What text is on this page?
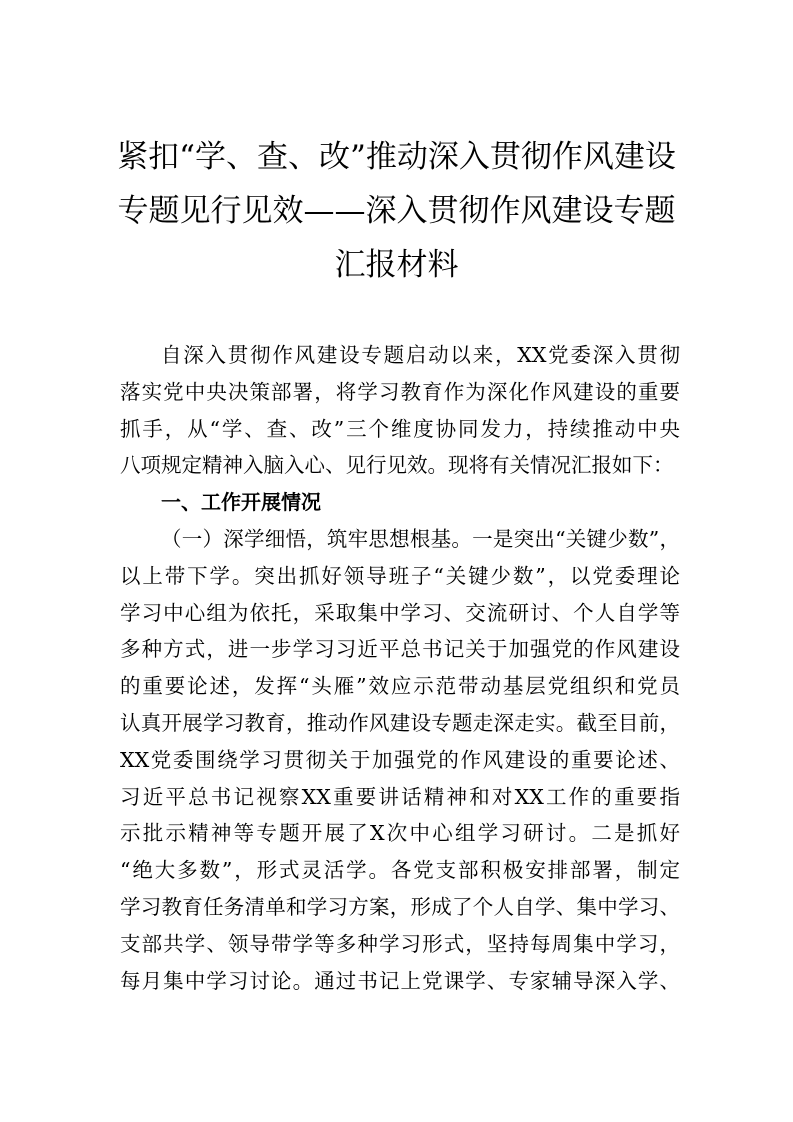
紧扣“学、查、改”推动深入贯彻作风建设
专题见行见效——深入贯彻作风建设专题
汇报材料
自深入贯彻作风建设专题启动以来，XX党委深入贯彻
落实党中央决策部署，将学习教育作为深化作风建设的重要
抓手，从“学、查、改”三个维度协同发力，持续推动中央
八项规定精神入脑入心、见行见效。现将有关情况汇报如下：
一、工作开展情况
（一）深学细悟，筑牢思想根基。一是突出“关键少数”，
以上带下学。突出抓好领导班子“关键少数”，以党委理论
学习中心组为依托，采取集中学习、交流研讨、个人自学等
多种方式，进一步学习习近平总书记关于加强党的作风建设
的重要论述，发挥“头雁”效应示范带动基层党组织和党员
认真开展学习教育，推动作风建设专题走深走实。截至目前，
XX党委围绕学习贯彻关于加强党的作风建设的重要论述、
习近平总书记视察XX重要讲话精神和对XX工作的重要指
示批示精神等专题开展了X次中心组学习研讨。二是抓好
“绝大多数”，形式灵活学。各党支部积极安排部署，制定
学习教育任务清单和学习方案，形成了个人自学、集中学习、
支部共学、领导带学等多种学习形式，坚持每周集中学习，
每月集中学习讨论。通过书记上党课学、专家辅导深入学、
